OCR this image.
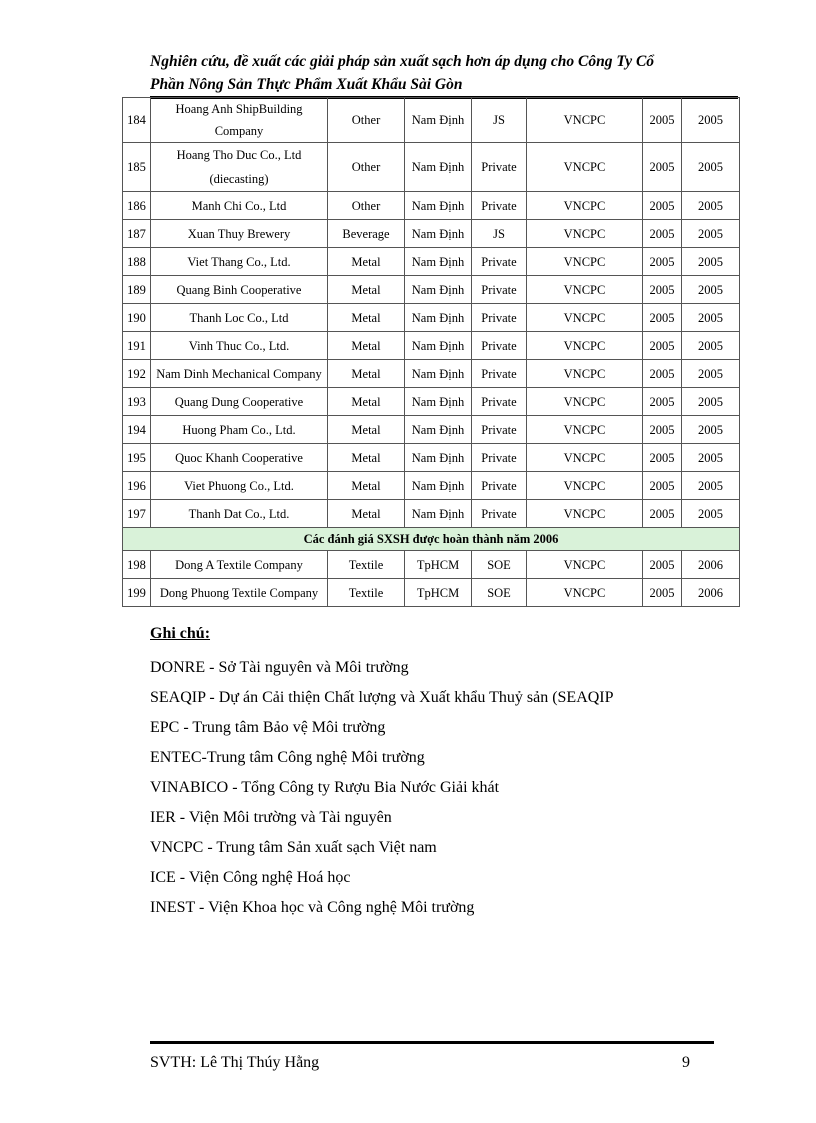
Nghiên cứu, đề xuất các giải pháp sản xuất sạch hơn áp dụng cho Công Ty Cổ
Phần Nông Sản Thực Phẩm Xuất Khẩu Sài Gòn
184	Hoang Anh ShipBuilding Company	Other	Nam Định	JS	VNCPC	2005	2005
185	Hoang Tho Duc Co., Ltd (diecasting)	Other	Nam Định	Private	VNCPC	2005	2005
186	Manh Chi Co., Ltd	Other	Nam Định	Private	VNCPC	2005	2005
187	Xuan Thuy Brewery	Beverage	Nam Định	JS	VNCPC	2005	2005
188	Viet Thang Co., Ltd.	Metal	Nam Định	Private	VNCPC	2005	2005
189	Quang Binh Cooperative	Metal	Nam Định	Private	VNCPC	2005	2005
190	Thanh Loc Co., Ltd	Metal	Nam Định	Private	VNCPC	2005	2005
191	Vinh Thuc Co., Ltd.	Metal	Nam Định	Private	VNCPC	2005	2005
192	Nam Dinh Mechanical Company	Metal	Nam Định	Private	VNCPC	2005	2005
193	Quang Dung Cooperative	Metal	Nam Định	Private	VNCPC	2005	2005
194	Huong Pham Co., Ltd.	Metal	Nam Định	Private	VNCPC	2005	2005
195	Quoc Khanh Cooperative	Metal	Nam Định	Private	VNCPC	2005	2005
196	Viet Phuong Co., Ltd.	Metal	Nam Định	Private	VNCPC	2005	2005
197	Thanh Dat Co., Ltd.	Metal	Nam Định	Private	VNCPC	2005	2005
Các đánh giá SXSH được hoàn thành năm 2006							
198	Dong A Textile Company	Textile	TpHCM	SOE	VNCPC	2005	2006
199	Dong Phuong Textile Company	Textile	TpHCM	SOE	VNCPC	2005	2006
Ghi chú:
DONRE - Sở Tài nguyên và Môi trường
SEAQIP - Dự án Cải thiện Chất lượng và Xuất khẩu Thuỷ sản (SEAQIP
EPC - Trung tâm Bảo vệ Môi trường
ENTEC-Trung tâm Công nghệ Môi trường
VINABICO - Tổng Công ty Rượu Bia Nước Giải khát
IER - Viện Môi trường và Tài nguyên
VNCPC - Trung tâm Sản xuất sạch Việt nam
ICE - Viện Công nghệ Hoá học
INEST - Viện Khoa học và Công nghệ Môi trường
SVTH: Lê Thị Thúy Hằng	9
